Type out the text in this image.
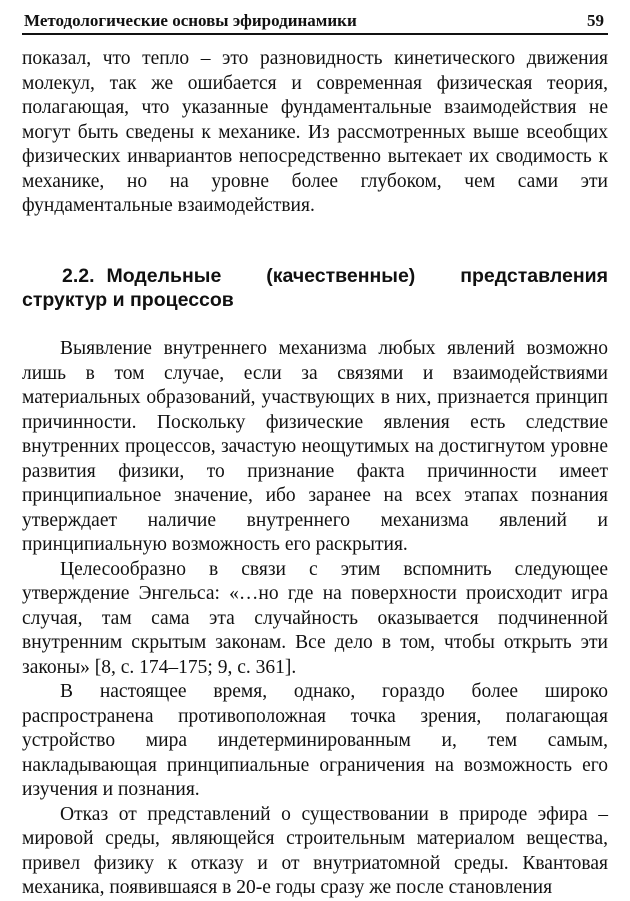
Методологические основы эфиродинамики	59

показал, что тепло – это разновидность кинетического движения молекул, так же ошибается и современная физическая теория, полагающая, что указанные фундаментальные взаимодействия не могут быть сведены к механике. Из рассмотренных выше всеобщих физических инвариантов непосредственно вытекает их сводимость к механике, но на уровне более глубоком, чем сами эти фундаментальные взаимодействия.

2.2. Модельные (качественные) представления структур и процессов

Выявление внутреннего механизма любых явлений возможно лишь в том случае, если за связями и взаимодействиями материальных образований, участвующих в них, признается принцип причинности. Поскольку физические явления есть следствие внутренних процессов, зачастую неощутимых на достигнутом уровне развития физики, то признание факта причинности имеет принципиальное значение, ибо заранее на всех этапах познания утверждает наличие внутреннего механизма явлений и принципиальную возможность его раскрытия.

Целесообразно в связи с этим вспомнить следующее утверждение Энгельса: «…но где на поверхности происходит игра случая, там сама эта случайность оказывается подчиненной внутренним скрытым законам. Все дело в том, чтобы открыть эти законы» [8, с. 174–175; 9, с. 361].

В настоящее время, однако, гораздо более широко распространена противоположная точка зрения, полагающая устройство мира индетерминированным и, тем самым, накладывающая принципиальные ограничения на возможность его изучения и познания.

Отказ от представлений о существовании в природе эфира – мировой среды, являющейся строительным материалом вещества, привел физику к отказу и от внутриатомной среды. Квантовая механика, появившаяся в 20-е годы сразу же после становления
